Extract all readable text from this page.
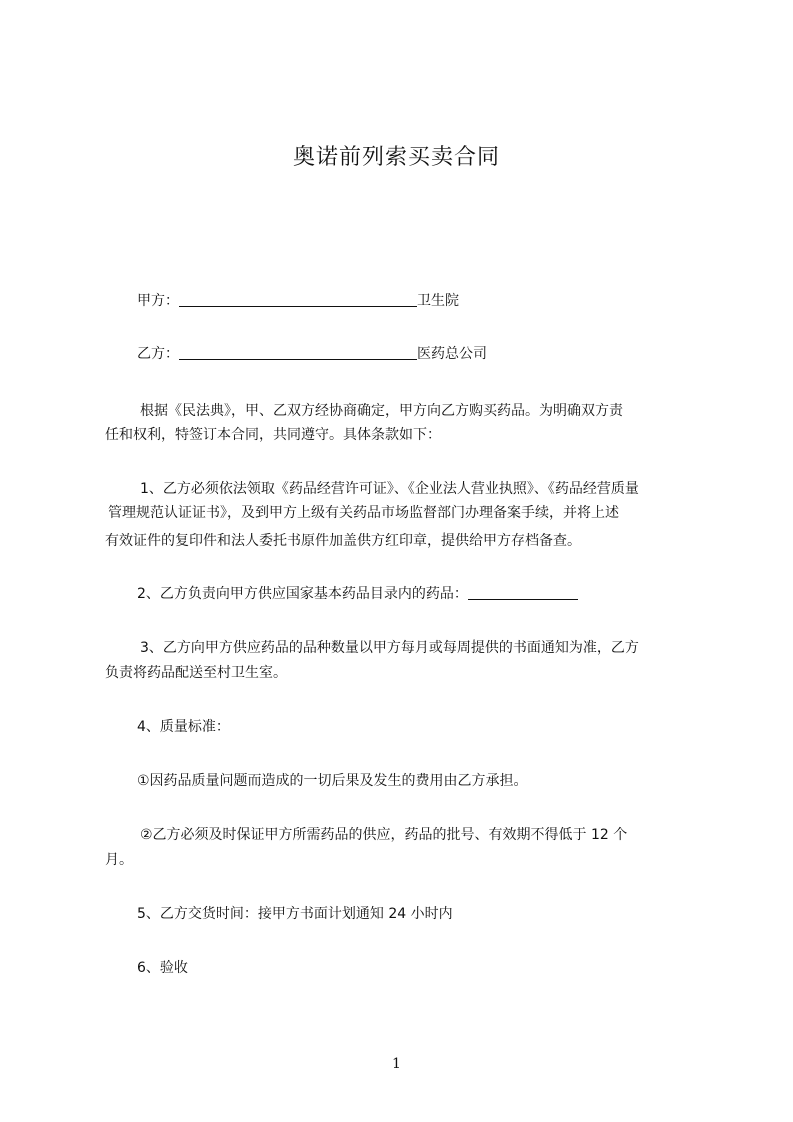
奥诺前列索买卖合同
甲方：	卫生院
乙方：	医药总公司
根据《民法典》，甲、乙双方经协商确定，甲方向乙方购买药品。为明确双方责
任和权利，特签订本合同，共同遵守。具体条款如下：
1、乙方必须依法领取《药品经营许可证》、《企业法人营业执照》、《药品经营质量
管理规范认证证书》，及到甲方上级有关药品市场监督部门办理备案手续，并将上述
有效证件的复印件和法人委托书原件加盖供方红印章，提供给甲方存档备查。
2、乙方负责向甲方供应国家基本药品目录内的药品：
3、乙方向甲方供应药品的品种数量以甲方每月或每周提供的书面通知为准，乙方
负责将药品配送至村卫生室。
4、质量标准：
①因药品质量问题而造成的一切后果及发生的费用由乙方承担。
②乙方必须及时保证甲方所需药品的供应，药品的批号、有效期不得低于 12 个
月。
5、乙方交货时间：接甲方书面计划通知 24 小时内
6、验收
1
